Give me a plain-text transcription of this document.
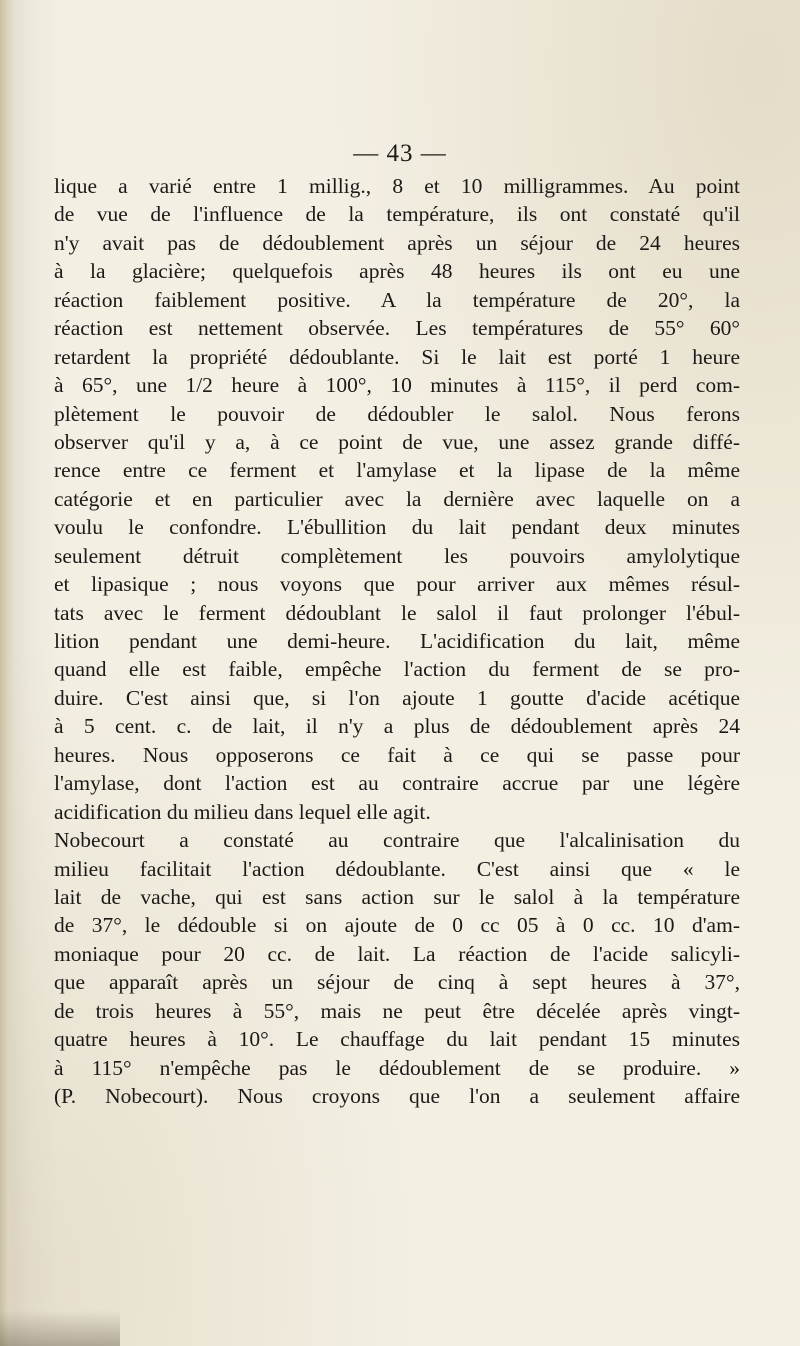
— 43 —
lique a varié entre 1 millig., 8 et 10 milligrammes. Au point
de vue de l'influence de la température, ils ont constaté qu'il
n'y avait pas de dédoublement après un séjour de 24 heures
à la glacière; quelquefois après 48 heures ils ont eu une
réaction faiblement positive. A la température de 20°, la
réaction est nettement observée. Les températures de 55° 60°
retardent la propriété dédoublante. Si le lait est porté 1 heure
à 65°, une 1/2 heure à 100°, 10 minutes à 115°, il perd com-
plètement le pouvoir de dédoubler le salol. Nous ferons
observer qu'il y a, à ce point de vue, une assez grande diffé-
rence entre ce ferment et l'amylase et la lipase de la même
catégorie et en particulier avec la dernière avec laquelle on a
voulu le confondre. L'ébullition du lait pendant deux minutes
seulement détruit complètement les pouvoirs amylolytique
et lipasique ; nous voyons que pour arriver aux mêmes résul-
tats avec le ferment dédoublant le salol il faut prolonger l'ébul-
lition pendant une demi-heure. L'acidification du lait, même
quand elle est faible, empêche l'action du ferment de se pro-
duire. C'est ainsi que, si l'on ajoute 1 goutte d'acide acétique
à 5 cent. c. de lait, il n'y a plus de dédoublement après 24
heures. Nous opposerons ce fait à ce qui se passe pour
l'amylase, dont l'action est au contraire accrue par une légère
acidification du milieu dans lequel elle agit.
Nobecourt a constaté au contraire que l'alcalinisation du
milieu facilitait l'action dédoublante. C'est ainsi que « le
lait de vache, qui est sans action sur le salol à la température
de 37°, le dédouble si on ajoute de 0 cc 05 à 0 cc. 10 d'am-
moniaque pour 20 cc. de lait. La réaction de l'acide salicyli-
que apparaît après un séjour de cinq à sept heures à 37°,
de trois heures à 55°, mais ne peut être décelée après vingt-
quatre heures à 10°. Le chauffage du lait pendant 15 minutes
à 115° n'empêche pas le dédoublement de se produire. »
(P. Nobecourt). Nous croyons que l'on a seulement affaire
